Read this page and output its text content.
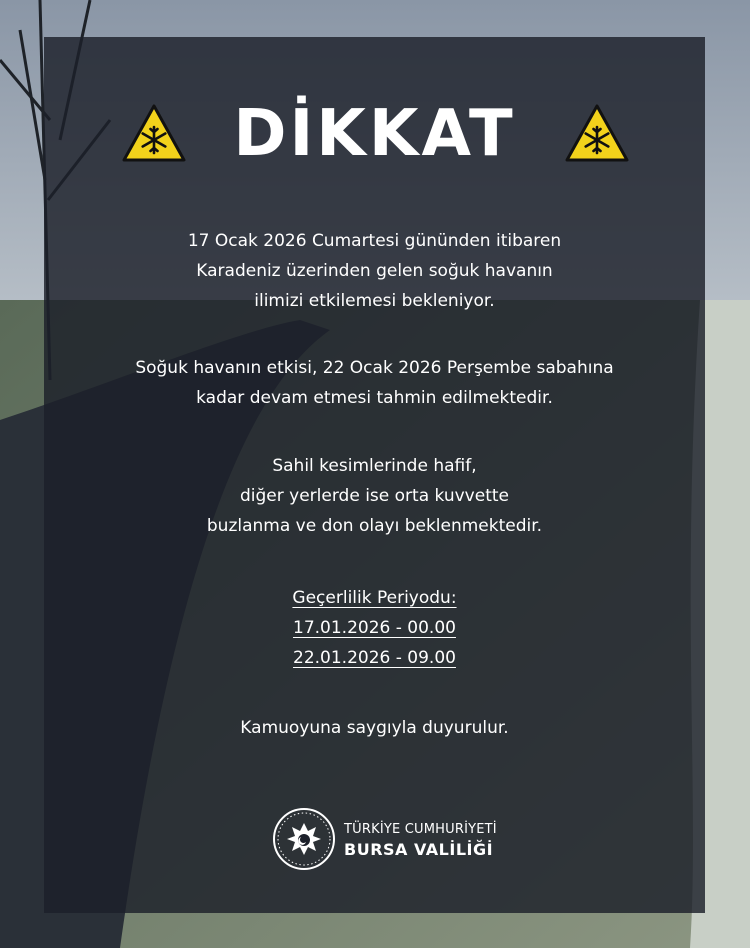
DİKKAT
17 Ocak 2026 Cumartesi gününden itibaren
Karadeniz üzerinden gelen soğuk havanın
ilimizi etkilemesi bekleniyor.
Soğuk havanın etkisi, 22 Ocak 2026 Perşembe sabahına
kadar devam etmesi tahmin edilmektedir.
Sahil kesimlerinde hafif,
diğer yerlerde ise orta kuvvette
buzlanma ve don olayı beklenmektedir.
Geçerlilik Periyodu:
17.01.2026 - 00.00
22.01.2026 - 09.00
Kamuoyuna saygıyla duyurulur.
TÜRKİYE CUMHURİYETİ
BURSA VALİLİĞİ
